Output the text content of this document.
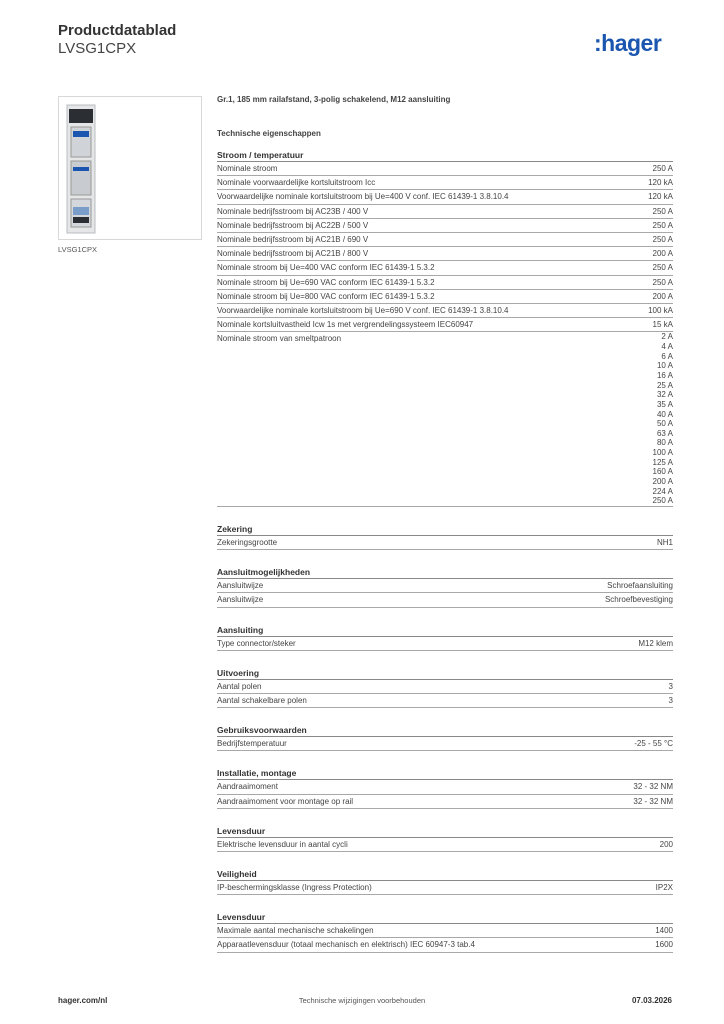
Productdatablad
LVSG1CPX	:hager
LVSG1CPX
Gr.1, 185 mm railafstand, 3-polig schakelend, M12 aansluiting
Technische eigenschappen
Stroom / temperatuur
Nominale stroom	250 A
Nominale voorwaardelijke kortsluitstroom Icc	120 kA
Voorwaardelijke nominale kortsluitstroom bij Ue=400 V conf. IEC 61439-1 3.8.10.4	120 kA
Nominale bedrijfsstroom bij AC23B / 400 V	250 A
Nominale bedrijfsstroom bij AC22B / 500 V	250 A
Nominale bedrijfsstroom bij AC21B / 690 V	250 A
Nominale bedrijfsstroom bij AC21B / 800 V	200 A
Nominale stroom bij Ue=400 VAC conform IEC 61439-1 5.3.2	250 A
Nominale stroom bij Ue=690 VAC conform IEC 61439-1 5.3.2	250 A
Nominale stroom bij Ue=800 VAC conform IEC 61439-1 5.3.2	200 A
Voorwaardelijke nominale kortsluitstroom bij Ue=690 V conf. IEC 61439-1 3.8.10.4	100 kA
Nominale kortsluitvastheid Icw 1s met vergrendelingssysteem IEC60947	15 kA
Nominale stroom van smeltpatroon	2 A
4 A
6 A
10 A
16 A
25 A
32 A
35 A
40 A
50 A
63 A
80 A
100 A
125 A
160 A
200 A
224 A
250 A
Zekering
Zekeringsgrootte	NH1
Aansluitmogelijkheden
Aansluitwijze	Schroefaansluiting
Aansluitwijze	Schroefbevestiging
Aansluiting
Type connector/steker	M12 klem
Uitvoering
Aantal polen	3
Aantal schakelbare polen	3
Gebruiksvoorwaarden
Bedrijfstemperatuur	-25 - 55 °C
Installatie, montage
Aandraaimoment	32 - 32 NM
Aandraaimoment voor montage op rail	32 - 32 NM
Levensduur
Elektrische levensduur in aantal cycli	200
Veiligheid
IP-beschermingsklasse (Ingress Protection)	IP2X
Levensduur
Maximale aantal mechanische schakelingen	1400
Apparaatlevensduur (totaal mechanisch en elektrisch) IEC 60947-3 tab.4	1600
hager.com/nl	Technische wijzigingen voorbehouden	07.03.2026
